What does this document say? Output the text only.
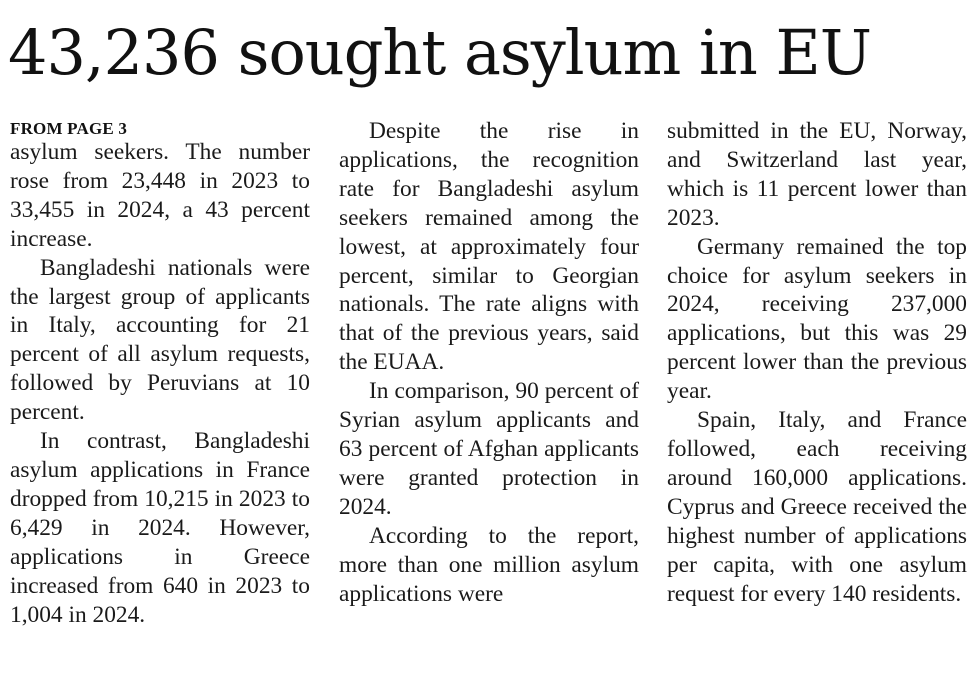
43,236 sought asylum in EU
FROM PAGE 3

asylum seekers. The number rose from 23,448 in 2023 to 33,455 in 2024, a 43 percent increase.

Bangladeshi nationals were the largest group of applicants in Italy, accounting for 21 percent of all asylum requests, followed by Peruvians at 10 percent.

In contrast, Bangladeshi asylum applications in France dropped from 10,215 in 2023 to 6,429 in 2024. However, applications in Greece increased from 640 in 2023 to 1,004 in 2024.

Despite the rise in applications, the recognition rate for Bangladeshi asylum seekers remained among the lowest, at approximately four percent, similar to Georgian nationals. The rate aligns with that of the previous years, said the EUAA.

In comparison, 90 percent of Syrian asylum applicants and 63 percent of Afghan applicants were granted protection in 2024.

According to the report, more than one million asylum applications were

submitted in the EU, Norway, and Switzerland last year, which is 11 percent lower than 2023.

Germany remained the top choice for asylum seekers in 2024, receiving 237,000 applications, but this was 29 percent lower than the previous year.

Spain, Italy, and France followed, each receiving around 160,000 applications. Cyprus and Greece received the highest number of applications per capita, with one asylum request for every 140 residents.
